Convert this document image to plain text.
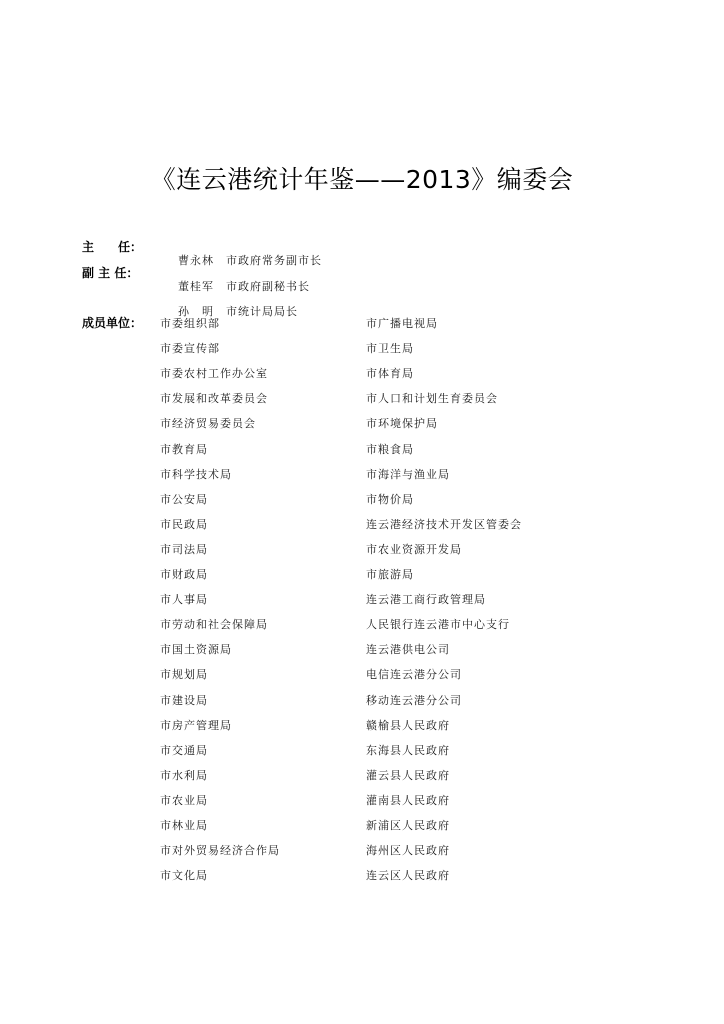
《连云港统计年鉴——2013》编委会
主　　任：

曹永林　 市政府常务副市长

副 主 任：

董桂军　 市政府副秘书长

孙　明　 市统计局局长

成员单位： 市委组织部
市委宣传部
市委农村工作办公室
市发展和改革委员会
市经济贸易委员会
市教育局
市科学技术局
市公安局
市民政局
市司法局
市财政局
市人事局
市劳动和社会保障局
市国土资源局
市规划局
市建设局
市房产管理局
市交通局
市水利局
市农业局
市林业局
市对外贸易经济合作局
市文化局
市广播电视局
市卫生局
市体育局
市人口和计划生育委员会
市环境保护局
市粮食局
市海洋与渔业局
市物价局
连云港经济技术开发区管委会
市农业资源开发局
市旅游局
连云港工商行政管理局
人民银行连云港市中心支行
连云港供电公司
电信连云港分公司
移动连云港分公司
赣榆县人民政府
东海县人民政府
灌云县人民政府
灌南县人民政府
新浦区人民政府
海州区人民政府
连云区人民政府
